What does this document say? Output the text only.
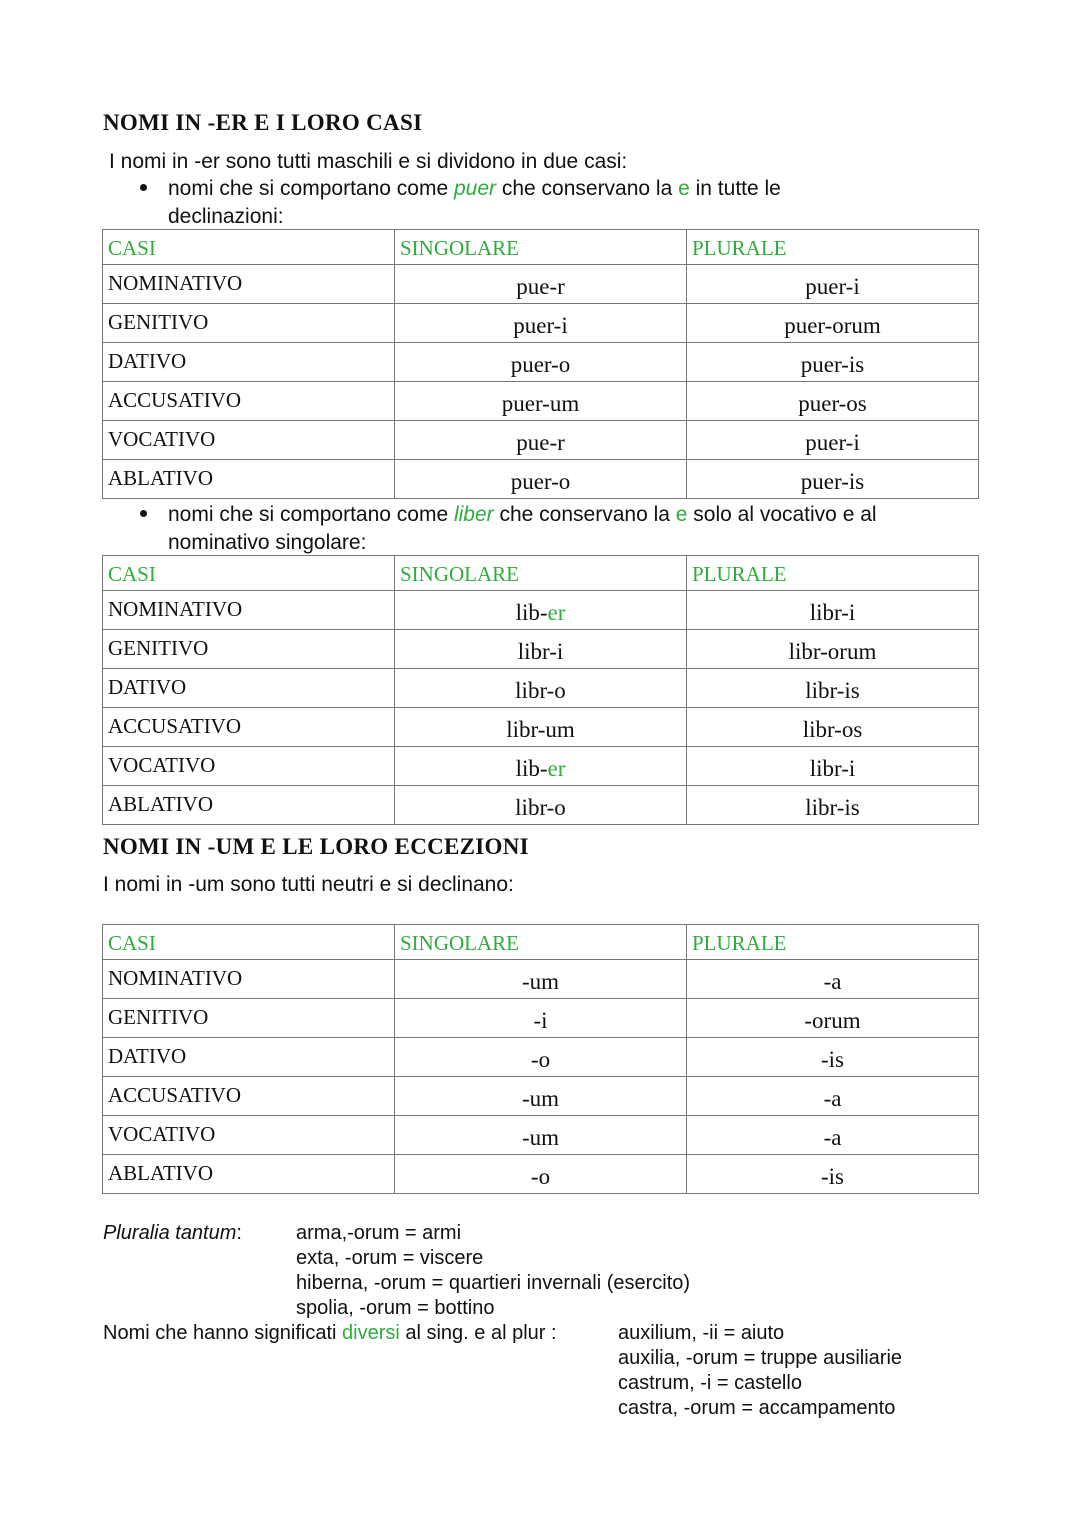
NOMI IN -ER E I LORO CASI
I nomi in -er sono tutti maschili e si dividono in due casi:
nomi che si comportano come puer che conservano la e in tutte le
declinazioni:
CASI	SINGOLARE	PLURALE

NOMINATIVO	pue-r	puer-i

GENITIVO	puer-i	puer-orum

DATIVO	puer-o	puer-is

ACCUSATIVO	puer-um	puer-os

VOCATIVO	pue-r	puer-i

ABLATIVO	puer-o	puer-is
nomi che si comportano come liber che conservano la e solo al vocativo e al
nominativo singolare:
CASI	SINGOLARE	PLURALE

NOMINATIVO	lib-er	libr-i

GENITIVO	libr-i	libr-orum

DATIVO	libr-o	libr-is

ACCUSATIVO	libr-um	libr-os

VOCATIVO	lib-er	libr-i

ABLATIVO	libr-o	libr-is
NOMI IN -UM E LE LORO ECCEZIONI
I nomi in -um sono tutti neutri e si declinano:
CASI	SINGOLARE	PLURALE

NOMINATIVO	-um	-a

GENITIVO	-i	-orum

DATIVO	-o	-is

ACCUSATIVO	-um	-a

VOCATIVO	-um	-a

ABLATIVO	-o	-is
Pluralia tantum:	arma,-orum = armi
exta, -orum = viscere
hiberna, -orum = quartieri invernali (esercito)
spolia, -orum = bottino
Nomi che hanno significati diversi al sing. e al plur :	auxilium, -ii = aiuto
auxilia, -orum = truppe ausiliarie
castrum, -i = castello
castra, -orum = accampamento
